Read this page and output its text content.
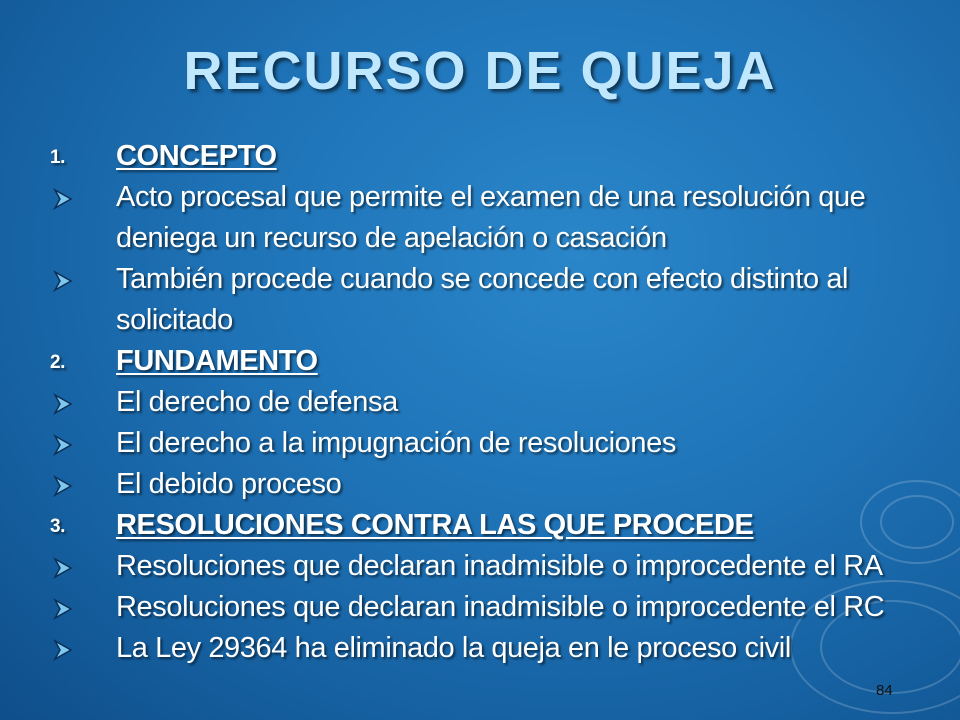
RECURSO DE QUEJA
1. CONCEPTO
Acto procesal que permite el examen de una resolución que
deniega un recurso de apelación o casación
También procede cuando se concede con efecto distinto al
solicitado
2. FUNDAMENTO
El derecho de defensa
El derecho a la impugnación de resoluciones
El debido proceso
3. RESOLUCIONES CONTRA LAS QUE PROCEDE
Resoluciones que declaran inadmisible o improcedente el RA
Resoluciones que declaran inadmisible o improcedente el RC
La Ley 29364 ha eliminado la queja en le proceso civil
84
